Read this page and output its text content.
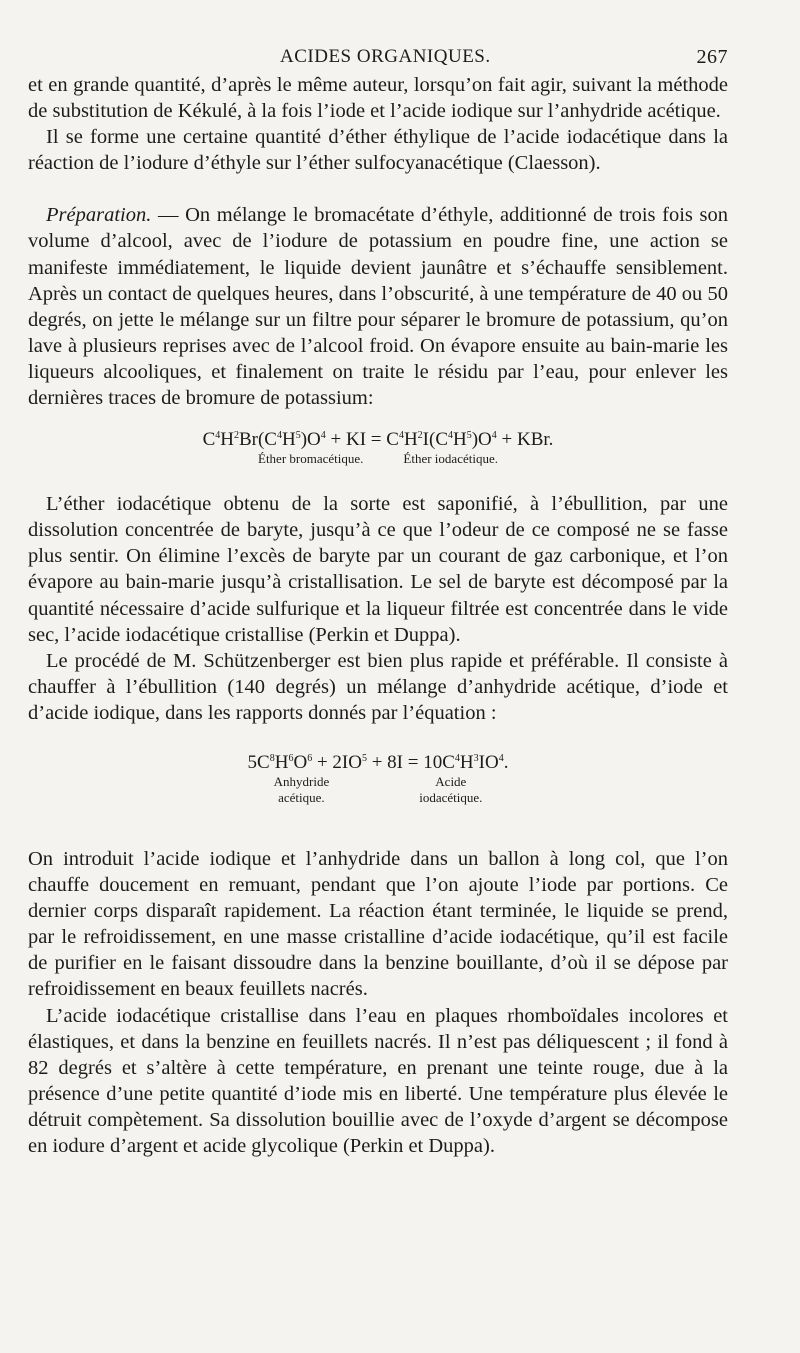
ACIDES ORGANIQUES.	267

et en grande quantité, d’après le même auteur, lorsqu’on fait agir, suivant la méthode de substitution de Kékulé, à la fois l’iode et l’acide iodique sur l’anhydride acétique.

Il se forme une certaine quantité d’éther éthylique de l’acide iodacétique dans la réaction de l’iodure d’éthyle sur l’éther sulfocyanacétique (Claesson).

Préparation. — On mélange le bromacétate d’éthyle, additionné de trois fois son volume d’alcool, avec de l’iodure de potassium en poudre fine, une action se manifeste immédiatement, le liquide devient jaunâtre et s’échauffe sensiblement. Après un contact de quelques heures, dans l’obscurité, à une température de 40 ou 50 degrés, on jette le mélange sur un filtre pour séparer le bromure de potassium, qu’on lave à plusieurs reprises avec de l’alcool froid. On évapore ensuite au bain-marie les liqueurs alcooliques, et finalement on traite le résidu par l’eau, pour enlever les dernières traces de bromure de potassium:

$C^4H^2Br(C^4H^5)O^4$ + KI = $C^4H^2I(C^4H^5)O^4$ + KBr.
Éther bromacétique.	Éther iodacétique.

L’éther iodacétique obtenu de la sorte est saponifié, à l’ébullition, par une dissolution concentrée de baryte, jusqu’à ce que l’odeur de ce composé ne se fasse plus sentir. On élimine l’excès de baryte par un courant de gaz carbonique, et l’on évapore au bain-marie jusqu’à cristallisation. Le sel de baryte est décomposé par la quantité nécessaire d’acide sulfurique et la liqueur filtrée est concentrée dans le vide sec, l’acide iodacétique cristallise (Perkin et Duppa).

Le procédé de M. Schützenberger est bien plus rapide et préférable. Il consiste à chauffer à l’ébullition (140 degrés) un mélange d’anhydride acétique, d’iode et d’acide iodique, dans les rapports donnés par l’équation :

$5C^8H^6O^6 + 2IO^5 + 8I = 10C^4H^3IO^4$.
Anhydride
acétique.
Acide
iodacétique.

On introduit l’acide iodique et l’anhydride dans un ballon à long col, que l’on chauffe doucement en remuant, pendant que l’on ajoute l’iode par portions. Ce dernier corps disparaît rapidement. La réaction étant terminée, le liquide se prend, par le refroidissement, en une masse cristalline d’acide iodacétique, qu’il est facile de purifier en le faisant dissoudre dans la benzine bouillante, d’où il se dépose par refroidissement en beaux feuillets nacrés.

L’acide iodacétique cristallise dans l’eau en plaques rhomboïdales incolores et élastiques, et dans la benzine en feuillets nacrés. Il n’est pas déliquescent ; il fond à 82 degrés et s’altère à cette température, en prenant une teinte rouge, due à la présence d’une petite quantité d’iode mis en liberté. Une température plus élevée le détruit compètement. Sa dissolution bouillie avec de l’oxyde d’argent se décompose en iodure d’argent et acide glycolique (Perkin et Duppa).
